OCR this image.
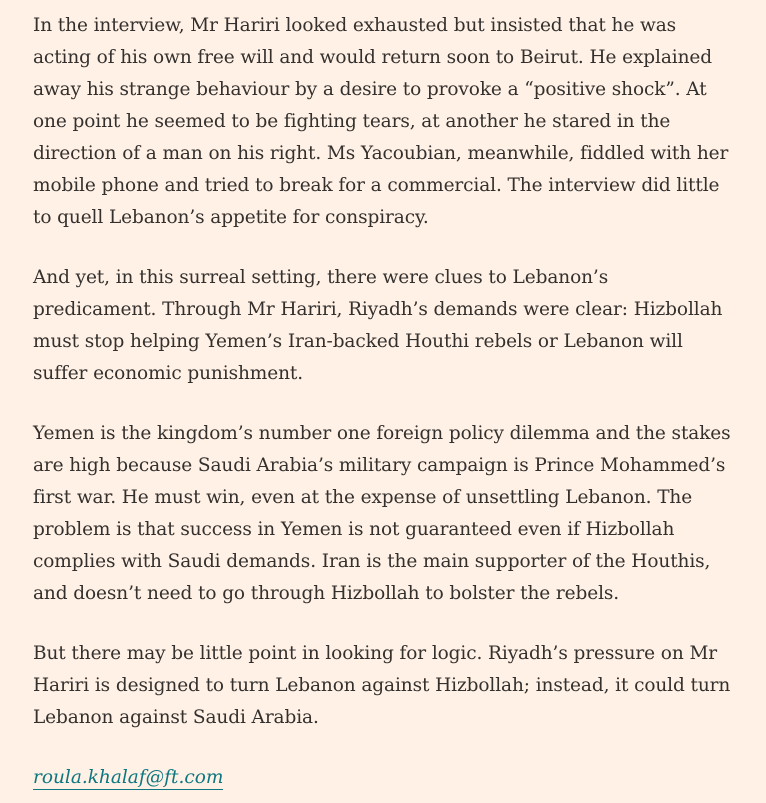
In the interview, Mr Hariri looked exhausted but insisted that he was acting of his own free will and would return soon to Beirut. He explained away his strange behaviour by a desire to provoke a “positive shock”. At one point he seemed to be fighting tears, at another he stared in the direction of a man on his right. Ms Yacoubian, meanwhile, fiddled with her mobile phone and tried to break for a commercial. The interview did little to quell Lebanon’s appetite for conspiracy.

And yet, in this surreal setting, there were clues to Lebanon’s predicament. Through Mr Hariri, Riyadh’s demands were clear: Hizbollah must stop helping Yemen’s Iran-backed Houthi rebels or Lebanon will suffer economic punishment.

Yemen is the kingdom’s number one foreign policy dilemma and the stakes are high because Saudi Arabia’s military campaign is Prince Mohammed’s first war. He must win, even at the expense of unsettling Lebanon. The problem is that success in Yemen is not guaranteed even if Hizbollah complies with Saudi demands. Iran is the main supporter of the Houthis, and doesn’t need to go through Hizbollah to bolster the rebels.

But there may be little point in looking for logic. Riyadh’s pressure on Mr Hariri is designed to turn Lebanon against Hizbollah; instead, it could turn Lebanon against Saudi Arabia.

roula.khalaf@ft.com
